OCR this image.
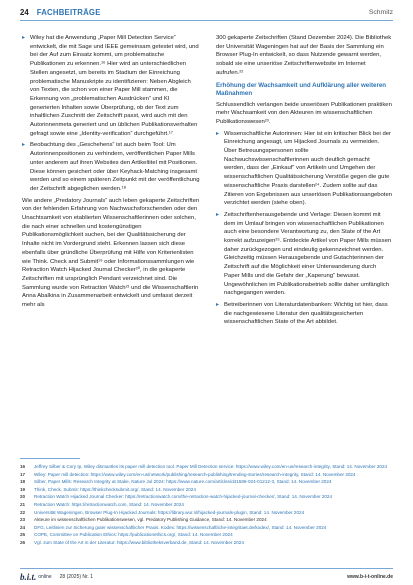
24 FACHBEITRÄGE	Schmitz
▸ Wiley hat die Anwendung „Paper Mill Detection Service“ entwickelt, die mit Sage und IEEE gemeinsam getestet wird, und bei der Auf zum Einsatz kommt, um problematische Publikationen zu erkennen.¹⁶ Hier wird an unterschiedlichen Stellen angesetzt, um bereits im Stadium der Einreichung problematische Manuskripte zu identifizieren: Neben Abgleich von Texten, die schon von einer Paper Mill stammen, die Erkennung von „problematischen Ausdrücken“ und KI generierten Inhalten sowie Überprüfung, ob der Text zum inhaltlichen Zuschnitt der Zeitschrift passt, wird auch mit den Autorinnenmeta generiert und un üblichen Publikationsverhalten gefragt sowie eine „Identity-verification“ durchgeführt.¹⁷
▸ Beobachtung des „Geschehens“ ist auch beim Tool: Um Autorinnenpositionen zu verhindern, veröffentlichen Paper Mills unter anderem auf ihren Websites den Artikeltitel mit Positionen. Diese können gesichert oder über Keyhack-Matching insgesamt werden und so einem späteren Zeitpunkt mit der veröffentlichung der Zeitschrift abgeglichen werden.¹⁸
Wie andere „Predatory Journals“ auch leben gekaperte Zeitschriften von der fehlenden Erfahrung von Nachwuchsforschenden oder den Unachtsamkeit von etablierten Wissenschaftlerinnen oder solchen, die nach einer schnellen und kostengünstigen Publikationsmöglichkeit suchen, bei der Qualitätssicherung der Inhalte nicht im Vordergrund steht. Erkennen lassen sich diese ebenfalls über gründliche Überprüfung mit Hilfe von Kriterienlisten wie Think. Check and Submit¹⁹ oder Informationssammlungen wie Retraction Watch Hijacked Journal Checker²⁰, in die gekaperte Zeitschriften mit ursprünglich Pendant verzeichnet sind. Die Sammlung wurde von Retraction Watch²¹ und die Wissenschaftlerin Anna Abalkina in Zusammenarbeit entwickelt und umfasst derzeit mehr als
300 gekaperte Zeitschriften (Stand Dezember 2024). Die Bibliothek der Universität Wageningen hat auf der Basis der Sammlung ein Browser Plug-In entwickelt, so dass Nutzende gewarnt werden, sobald sie eine unseriöse Zeitschriftenwebsite im Internet aufrufen.²²
Erhöhung der Wachsamkeit und Aufklärung aller weiteren Maßnahmen
Schlussendlich verlangen beide unseriösen Publikationen praktiken mehr Wachsamkeit von den Akteuren im wissenschaftlichen Publikationswesen²³.
▸ Wissenschaftliche Autorinnen: Hier ist ein kritischer Blick bei der Einreichung angesagt, um Hijacked Journals zu vermeiden. Über Betreuungspersonen sollte Nachwuchswissenschaftlerinnen auch deutlich gemacht werden, dass der „Einkauf“ von Artikeln und Umgehen der wissenschaftlichen Qualitätssicherung Verstöße gegen die gute wissenschaftliche Praxis darstellen²⁴. Zudem sollte auf das Zitieren von Ergebnissen aus unseriösen Publikationsangeboten verzichtet werden (siehe oben).
▸ Zeitschriftenherausgebende und Verlage: Diesen kommt mit dem im Umlauf bringen von wissenschaftlichen Publikationen auch eine besondere Verantwortung zu, den State of the Art korrekt aufzuzeigen²⁵. Entdeckte Artikel von Paper Mills müssen daher zurückgezogen und eindeutig gekennzeichnet werden. Gleichzeitig müssen Herausgebende und Gutachterinnen der Zeitschrift auf die Möglichkeit einer Unterwanderung durch Paper Mills und die Gefahr der „Kaperung“ bewusst. Ungewöhnlichen im Publikationsbetrieb sollte daher umfänglich nachgegangen werden.
▸ Betreiberinnen von Literaturdatenbanken: Wichtig ist hier, dass die nachgewiesene Literatur den qualitätsgesicherten wissenschaftlichen State of the Art abbildet.
16	Jeffrey Silber & Cory Ip, Wiley dismantles its paper mill detection tool. Paper Mill Detection service: https://www.wiley.com/en-us/research-integrity, Stand: 14. November 2024
17	Wiley: Paper mill detection: https://www.wiley.com/en-us/network/publishing/research-publishing/trending-stories/research-integrity, Stand: 14. November 2024
18	Silber, Paper Mills: Research Integrity at Stake, Nature Jul 2024: https://www.nature.com/articles/d41586-024-01212-3, Stand: 14. November 2024
19	Think, Check, Submit: https://thinkchecksubmit.org/, Stand: 14. November 2024
20	Retraction Watch Hijacked Journal Checker: https://retractionwatch.com/the-retraction-watch-hijacked-journal-checker/, Stand: 14. November 2024
21	Retraction Watch: https://retractionwatch.com, Stand: 14. November 2024
22	Universität Wageningen, Browser Plug-In Hijacked Journals: https://library.wur.nl/hijacked-journals-plugin, Stand: 14. November 2024
23	Akteure im wissenschaftlichen Publikationswesen, vgl. Predatory Publishing Guidance, Stand: 14. November 2024
24	DFG, Leitlinien zur Sicherung guter wissenschaftlicher Praxis. Kodex: https://wissenschaftliche-integritaet.de/kodex/, Stand: 14. November 2024
25	COPE, Committee on Publication Ethics: https://publicationethics.org/, Stand: 14. November 2024
26	Vgl. zum State of the Art in der Literatur: https://www.bibliotheksverband.de, Stand: 14. November 2024
b.i.t. online 28 (2025) Nr. 1	www.b-i-t-online.de
